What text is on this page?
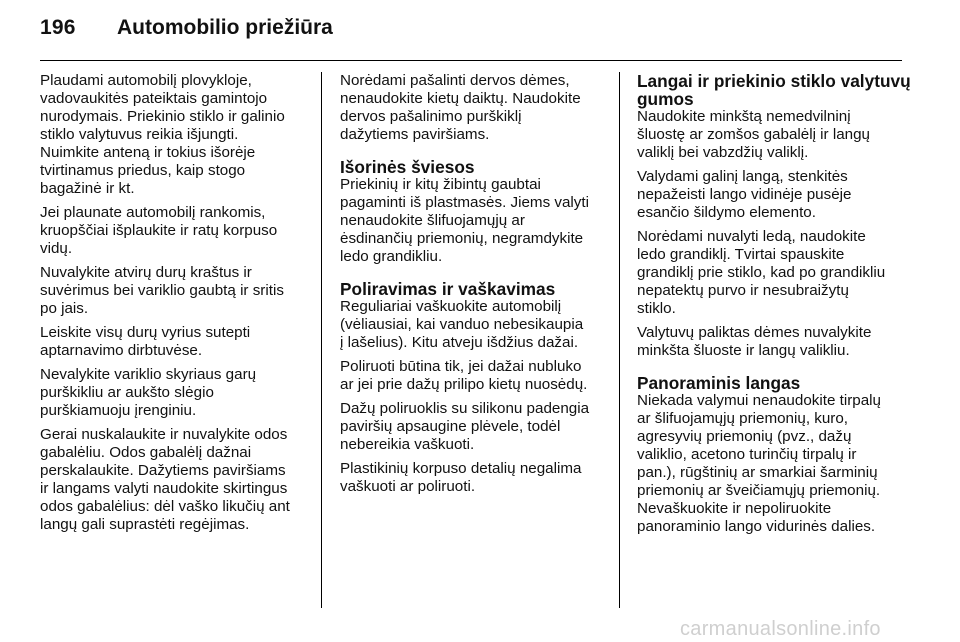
196 Automobilio priežiūra

Plaudami automobilį plovykloje,
vadovaukitės pateiktais gamintojo
nurodymais. Priekinio stiklo ir galinio
stiklo valytuvus reikia išjungti.
Nuimkite anteną ir tokius išorėje
tvirtinamus priedus, kaip stogo
bagažinė ir kt.

Jei plaunate automobilį rankomis,
kruopščiai išplaukite ir ratų korpuso
vidų.

Nuvalykite atvirų durų kraštus ir
suvėrimus bei variklio gaubtą ir sritis
po jais.

Leiskite visų durų vyrius sutepti
aptarnavimo dirbtuvėse.

Nevalykite variklio skyriaus garų
purškikliu ar aukšto slėgio
purškiamuoju įrenginiu.

Gerai nuskalaukite ir nuvalykite odos
gabalėliu. Odos gabalėlį dažnai
perskalaukite. Dažytiems paviršiams
ir langams valyti naudokite skirtingus
odos gabalėlius: dėl vaško likučių ant
langų gali suprastėti regėjimas.

Norėdami pašalinti dervos dėmes,
nenaudokite kietų daiktų. Naudokite
dervos pašalinimo purškiklį
dažytiems paviršiams.

Išorinės šviesos

Priekinių ir kitų žibintų gaubtai
pagaminti iš plastmasės. Jiems valyti
nenaudokite šlifuojamųjų ar
ėsdinančių priemonių, negramdykite
ledo grandikliu.

Poliravimas ir vaškavimas

Reguliariai vaškuokite automobilį
(vėliausiai, kai vanduo nebesikaupia
į lašelius). Kitu atveju išdžius dažai.

Poliruoti būtina tik, jei dažai nubluko
ar jei prie dažų prilipo kietų nuosėdų.

Dažų poliruoklis su silikonu padengia
paviršių apsaugine plėvele, todėl
nebereikia vaškuoti.

Plastikinių korpuso detalių negalima
vaškuoti ar poliruoti.

Langai ir priekinio stiklo valytuvų
gumos

Naudokite minkštą nemedvilninį
šluostę ar zomšos gabalėlį ir langų
valiklį bei vabzdžių valiklį.

Valydami galinį langą, stenkitės
nepažeisti lango vidinėje pusėje
esančio šildymo elemento.

Norėdami nuvalyti ledą, naudokite
ledo grandiklį. Tvirtai spauskite
grandiklį prie stiklo, kad po grandikliu
nepatektų purvo ir nesubraižytų
stiklo.

Valytuvų paliktas dėmes nuvalykite
minkšta šluoste ir langų valikliu.

Panoraminis langas

Niekada valymui nenaudokite tirpalų
ar šlifuojamųjų priemonių, kuro,
agresyvių priemonių (pvz., dažų
valiklio, acetono turinčių tirpalų ir
pan.), rūgštinių ar smarkiai šarminių
priemonių ar šveičiamųjų priemonių.
Nevaškuokite ir nepoliruokite
panoraminio lango vidurinės dalies.

carmanualsonline.info
